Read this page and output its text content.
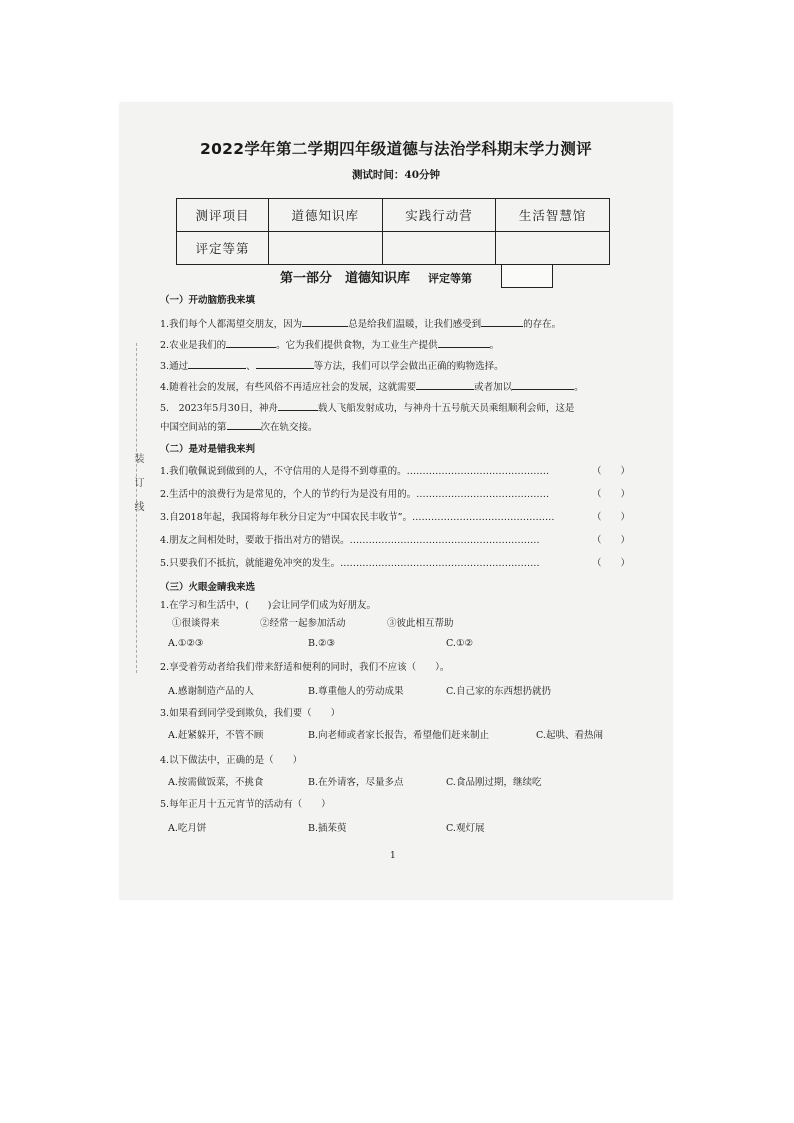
装　订　线
2022学年第二学期四年级道德与法治学科期末学力测评
测试时间：40分钟
测评项目	道德知识库	实践行动营	生活智慧馆
评定等第			
第一部分　道德知识库 评定等第
（一）开动脑筋我来填
1.我们每个人都渴望交朋友，因为	总是给我们温暖，让我们感受到	的存在。
2.农业是我们的	。它为我们提供食物，为工业生产提供	。
3.通过	、	等方法，我们可以学会做出正确的购物选择。
4.随着社会的发展，有些风俗不再适应社会的发展，这就需要	或者加以	。
5.　2023年5月30日，神舟	载人飞船发射成功，与神舟十五号航天员乘组顺利会师，这是
中国空间站的第	次在轨交接。
（二）是对是错我来判
1.我们敬佩说到做到的人，不守信用的人是得不到尊重的。………………………………………	（　　）
2.生活中的浪费行为是常见的，个人的节约行为是没有用的。……………………………………	（　　）
3.自2018年起，我国将每年秋分日定为“中国农民丰收节”。………………………………………	（　　）
4.朋友之间相处时，要敢于指出对方的错误。……………………………………………………	（　　）
5.只要我们不抵抗，就能避免冲突的发生。………………………………………………………	（　　）
（三）火眼金睛我来选
1.在学习和生活中，(　　)会让同学们成为好朋友。
①很谈得来	②经常一起参加活动	③彼此相互帮助
A.①②③	B.②③	C.①②
2.享受着劳动者给我们带来舒适和便利的同时，我们不应该（　　）。
A.感谢制造产品的人	B.尊重他人的劳动成果	C.自己家的东西想扔就扔
3.如果看到同学受到欺负，我们要（　　）
A.赶紧躲开，不管不顾	B.向老师或者家长报告，希望他们赶来制止	C.起哄、看热闹
4.以下做法中，正确的是（　　）
A.按需做饭菜，不挑食	B.在外请客，尽量多点	C.食品刚过期，继续吃
5.每年正月十五元宵节的活动有（　　）
A.吃月饼	B.插茱萸	C.观灯展
1
